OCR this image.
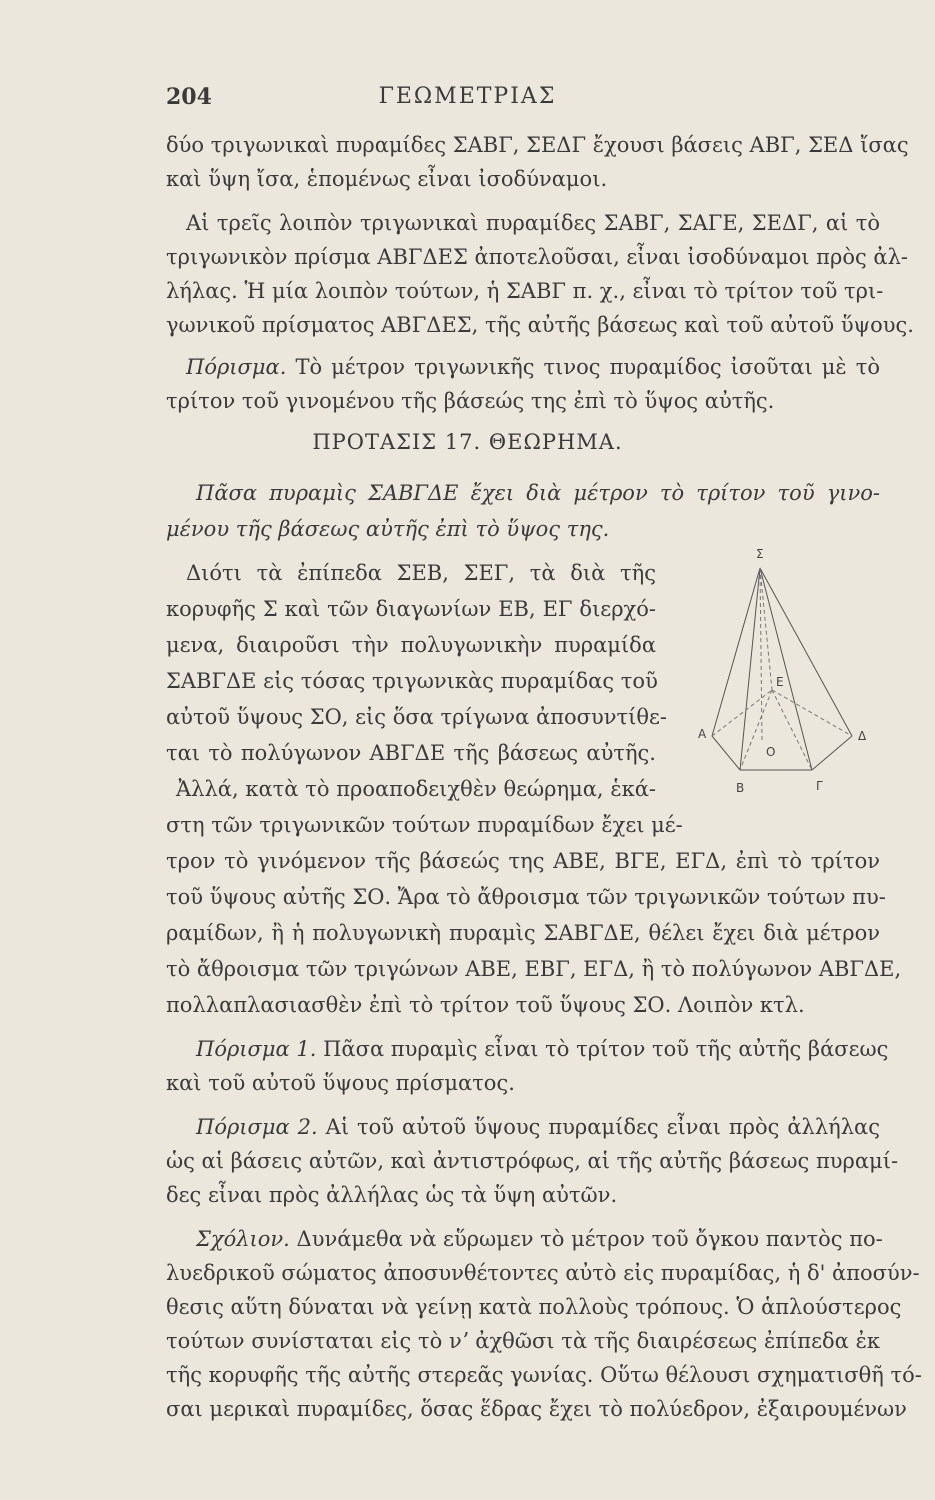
204	ΓΕΩΜΕΤΡΙΑΣ
δύο τριγωνικαὶ πυραμίδες ΣΑΒΓ, ΣΕΔΓ ἔχουσι βάσεις ΑΒΓ, ΣΕΔ ἴσας
καὶ ὕψη ἴσα, ἑπομένως εἶναι ἰσοδύναμοι.
Αἱ τρεῖς λοιπὸν τριγωνικαὶ πυραμίδες ΣΑΒΓ, ΣΑΓΕ, ΣΕΔΓ, αἱ τὸ
τριγωνικὸν πρίσμα ΑΒΓΔΕΣ ἀποτελοῦσαι, εἶναι ἰσοδύναμοι πρὸς ἀλ-
λήλας. Ἡ μία λοιπὸν τούτων, ἡ ΣΑΒΓ π. χ., εἶναι τὸ τρίτον τοῦ τρι-
γωνικοῦ πρίσματος ΑΒΓΔΕΣ, τῆς αὐτῆς βάσεως καὶ τοῦ αὐτοῦ ὕψους.
Πόρισμα. Τὸ μέτρον τριγωνικῆς τινος πυραμίδος ἰσοῦται μὲ τὸ
τρίτον τοῦ γινομένου τῆς βάσεώς της ἐπὶ τὸ ὕψος αὐτῆς.
ΠΡΟΤΑΣΙΣ 17. ΘΕΩΡΗΜΑ.
Πᾶσα πυραμὶς ΣΑΒΓΔΕ ἔχει διὰ μέτρον τὸ τρίτον τοῦ γινο-
μένου τῆς βάσεως αὐτῆς ἐπὶ τὸ ὕψος της.
Διότι τὰ ἐπίπεδα ΣΕΒ, ΣΕΓ, τὰ διὰ τῆς
κορυφῆς Σ καὶ τῶν διαγωνίων ΕΒ, ΕΓ διερχό-
μενα, διαιροῦσι τὴν πολυγωνικὴν πυραμίδα
ΣΑΒΓΔΕ εἰς τόσας τριγωνικὰς πυραμίδας τοῦ
αὐτοῦ ὕψους ΣΟ, εἰς ὅσα τρίγωνα ἀποσυντίθε-
ται τὸ πολύγωνον ΑΒΓΔΕ τῆς βάσεως αὐτῆς.
Ἀλλά, κατὰ τὸ προαποδειχθὲν θεώρημα, ἑκά-
στη τῶν τριγωνικῶν τούτων πυραμίδων ἔχει μέ-
τρον τὸ γινόμενον τῆς βάσεώς της ΑΒΕ, ΒΓΕ, ΕΓΔ, ἐπὶ τὸ τρίτον
τοῦ ὕψους αὐτῆς ΣΟ. Ἄρα τὸ ἄθροισμα τῶν τριγωνικῶν τούτων πυ-
ραμίδων, ἢ ἡ πολυγωνικὴ πυραμὶς ΣΑΒΓΔΕ, θέλει ἔχει διὰ μέτρον
τὸ ἄθροισμα τῶν τριγώνων ΑΒΕ, ΕΒΓ, ΕΓΔ, ἢ τὸ πολύγωνον ΑΒΓΔΕ,
πολλαπλασιασθὲν ἐπὶ τὸ τρίτον τοῦ ὕψους ΣΟ. Λοιπὸν κτλ.
Σ
Α
Β	Γ
Δ
Ε
Ο
Πόρισμα 1. Πᾶσα πυραμὶς εἶναι τὸ τρίτον τοῦ τῆς αὐτῆς βάσεως
καὶ τοῦ αὐτοῦ ὕψους πρίσματος.
Πόρισμα 2. Αἱ τοῦ αὐτοῦ ὕψους πυραμίδες εἶναι πρὸς ἀλλήλας
ὡς αἱ βάσεις αὐτῶν, καὶ ἀντιστρόφως, αἱ τῆς αὐτῆς βάσεως πυραμί-
δες εἶναι πρὸς ἀλλήλας ὡς τὰ ὕψη αὐτῶν.
Σχόλιον. Δυνάμεθα νὰ εὕρωμεν τὸ μέτρον τοῦ ὄγκου παντὸς πο-
λυεδρικοῦ σώματος ἀποσυνθέτοντες αὐτὸ εἰς πυραμίδας, ἡ δ' ἀποσύν-
θεσις αὕτη δύναται νὰ γείνῃ κατὰ πολλοὺς τρόπους. Ὁ ἁπλούστερος
τούτων συνίσταται εἰς τὸ νʼ ἀχθῶσι τὰ τῆς διαιρέσεως ἐπίπεδα ἐκ
τῆς κορυφῆς τῆς αὐτῆς στερεᾶς γωνίας. Οὕτω θέλουσι σχηματισθῆ τό-
σαι μερικαὶ πυραμίδες, ὅσας ἕδρας ἔχει τὸ πολύεδρον, ἐξαιρουμένων
